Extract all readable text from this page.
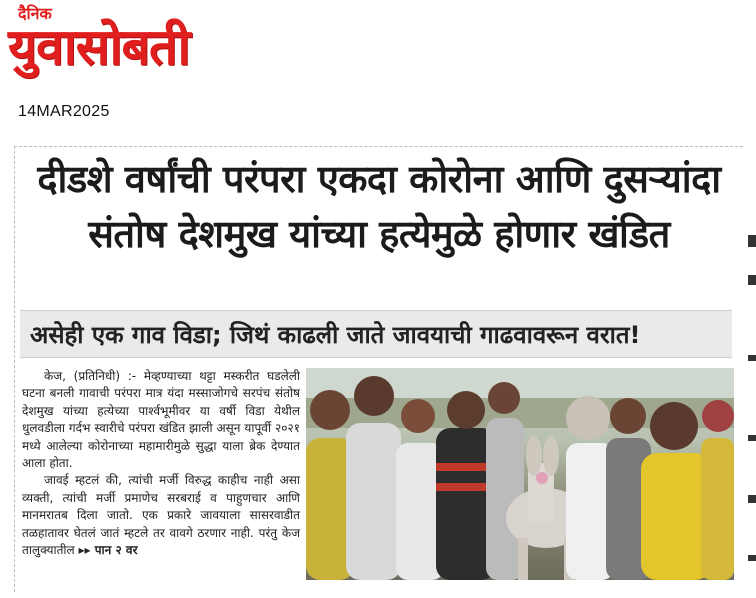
दैनिक
युवासोबती
14MAR2025
दीडशे वर्षांची परंपरा एकदा कोरोना आणि दुसऱ्यांदा
संतोष देशमुख यांच्या हत्येमुळे होणार खंडित
असेही एक गाव विडा; जिथं काढली जाते जावयाची गाढवावरून वरात!

केज, (प्रतिनिधी) :- मेव्हण्याच्या थट्टा मस्करीत घडलेली घटना बनली गावाची परंपरा मात्र यंदा मस्साजोगचे सरपंच संतोष देशमुख यांच्या हत्येच्या पार्श्वभूमीवर या वर्षी विडा येथील धुलवडीला गर्दभ स्वारीचे परंपरा खंडित झाली असून यापूर्वी २०२१ मध्ये आलेल्या कोरोनाच्या महामारीमुळे सुद्धा याला ब्रेक देण्यात आला होता.

जावई म्हटलं की, त्यांची मर्जी विरुद्ध काहीच नाही असा व्यक्ती, त्यांची मर्जी प्रमाणेच सरबराई व पाहुणचार आणि मानमरातब दिला जातो. एक प्रकारे जावयाला सासरवाडीत तळहातावर घेतलं जातं म्हटले तर वावगे ठरणार नाही. परंतु केज तालुक्यातील ▸▸ पान २ वर
